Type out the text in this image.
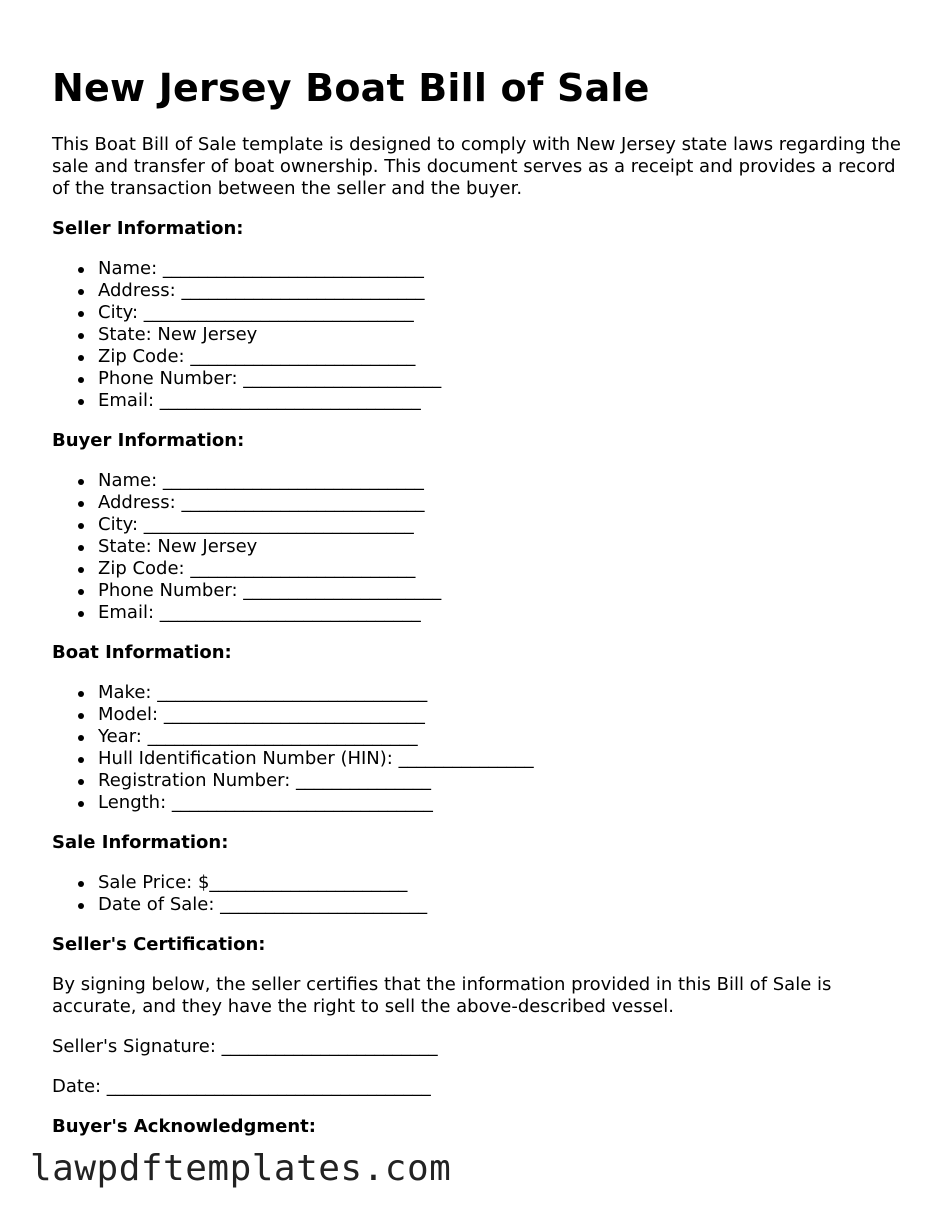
New Jersey Boat Bill of Sale

This Boat Bill of Sale template is designed to comply with New Jersey state laws regarding the sale and transfer of boat ownership. This document serves as a receipt and provides a record of the transaction between the seller and the buyer.

Seller Information:
Name: _____________________________
Address: ___________________________
City: ______________________________
State: New Jersey
Zip Code: _________________________
Phone Number: ______________________
Email: _____________________________
Buyer Information:
Name: _____________________________
Address: ___________________________
City: ______________________________
State: New Jersey
Zip Code: _________________________
Phone Number: ______________________
Email: _____________________________
Boat Information:
Make: ______________________________
Model: _____________________________
Year: ______________________________
Hull Identification Number (HIN): _______________
Registration Number: _______________
Length: _____________________________
Sale Information:
Sale Price: $______________________
Date of Sale: _______________________
Seller's Certification:

By signing below, the seller certifies that the information provided in this Bill of Sale is accurate, and they have the right to sell the above-described vessel.

Seller's Signature: ________________________
Date: ____________________________________
Buyer's Acknowledgment:
lawpdftemplates.com
